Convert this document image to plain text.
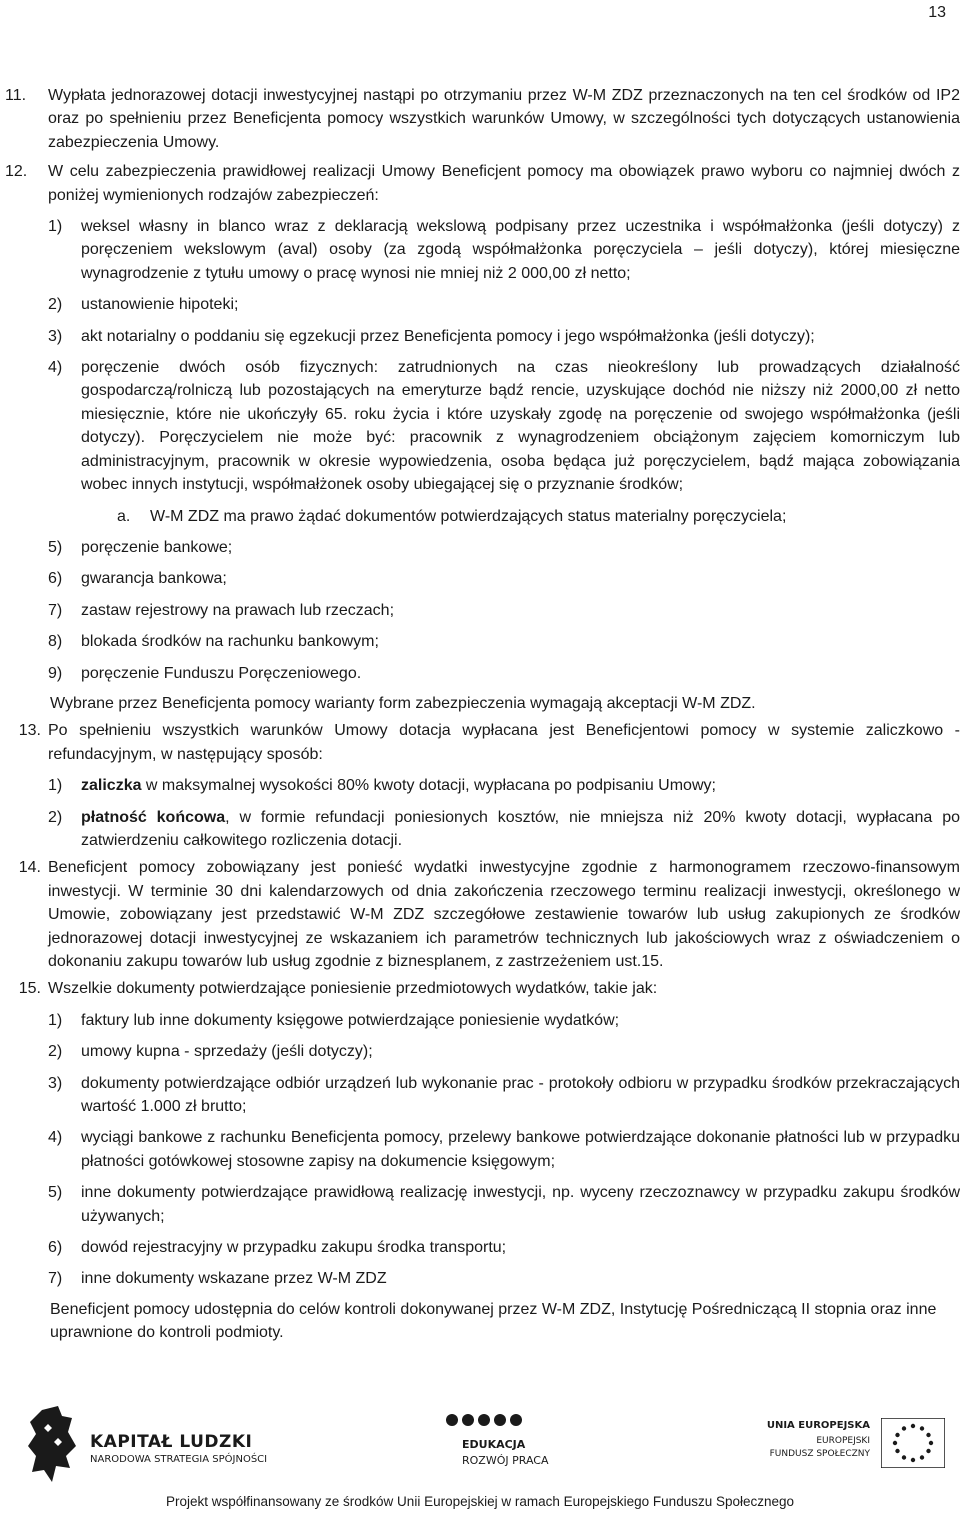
13
11.	Wypłata jednorazowej dotacji inwestycyjnej nastąpi po otrzymaniu przez W-M ZDZ przeznaczonych na ten cel środków od IP2 oraz po spełnieniu przez Beneficjenta pomocy wszystkich warunków Umowy, w szczególności tych dotyczących ustanowienia zabezpieczenia Umowy.
12.	W celu zabezpieczenia prawidłowej realizacji Umowy Beneficjent pomocy ma obowiązek prawo wyboru co najmniej dwóch z poniżej wymienionych rodzajów zabezpieczeń:
1) weksel własny in blanco wraz z deklaracją wekslową podpisany przez uczestnika i współmałżonka (jeśli dotyczy) z poręczeniem wekslowym (aval) osoby (za zgodą współmałżonka poręczyciela – jeśli dotyczy), której miesięczne wynagrodzenie z tytułu umowy o pracę wynosi nie mniej niż 2 000,00 zł netto;
2) ustanowienie hipoteki;
3) akt notarialny o poddaniu się egzekucji przez Beneficjenta pomocy i jego współmałżonka (jeśli dotyczy);
4) poręczenie dwóch osób fizycznych: zatrudnionych na czas nieokreślony lub prowadzących działalność gospodarczą/rolniczą lub pozostających na emeryturze bądź rencie, uzyskujące dochód nie niższy niż 2000,00 zł netto miesięcznie, które nie ukończyły 65. roku życia i które uzyskały zgodę na poręczenie od swojego współmałżonka (jeśli dotyczy). Poręczycielem nie może być: pracownik z wynagrodzeniem obciążonym zajęciem komorniczym lub administracyjnym, pracownik w okresie wypowiedzenia, osoba będąca już poręczycielem, bądź mająca zobowiązania wobec innych instytucji, współmałżonek osoby ubiegającej się o przyznanie środków;
a. W-M ZDZ ma prawo żądać dokumentów potwierdzających status materialny poręczyciela;
5) poręczenie bankowe;
6) gwarancja bankowa;
7) zastaw rejestrowy na prawach lub rzeczach;
8) blokada środków na rachunku bankowym;
9) poręczenie Funduszu Poręczeniowego.
Wybrane przez Beneficjenta pomocy warianty form zabezpieczenia wymagają akceptacji W-M ZDZ.
13. Po spełnieniu wszystkich warunków Umowy dotacja wypłacana jest Beneficjentowi pomocy w systemie zaliczkowo - refundacyjnym, w następujący sposób:
1) zaliczka w maksymalnej wysokości 80% kwoty dotacji, wypłacana po podpisaniu Umowy;
2) płatność końcowa, w formie refundacji poniesionych kosztów, nie mniejsza niż 20% kwoty dotacji, wypłacana po zatwierdzeniu całkowitego rozliczenia dotacji.
14. Beneficjent pomocy zobowiązany jest ponieść wydatki inwestycyjne zgodnie z harmonogramem rzeczowo-finansowym inwestycji. W terminie 30 dni kalendarzowych od dnia zakończenia rzeczowego terminu realizacji inwestycji, określonego w Umowie, zobowiązany jest przedstawić W-M ZDZ szczegółowe zestawienie towarów lub usług zakupionych ze środków jednorazowej dotacji inwestycyjnej ze wskazaniem ich parametrów technicznych lub jakościowych wraz z oświadczeniem o dokonaniu zakupu towarów lub usług zgodnie z biznesplanem, z zastrzeżeniem ust.15.
15. Wszelkie dokumenty potwierdzające poniesienie przedmiotowych wydatków, takie jak:
1) faktury lub inne dokumenty księgowe potwierdzające poniesienie wydatków;
2) umowy kupna - sprzedaży (jeśli dotyczy);
3) dokumenty potwierdzające odbiór urządzeń lub wykonanie prac - protokoły odbioru w przypadku środków przekraczających wartość 1.000 zł brutto;
4) wyciągi bankowe z rachunku Beneficjenta pomocy, przelewy bankowe potwierdzające dokonanie płatności lub w przypadku płatności gotówkowej stosowne zapisy na dokumencie księgowym;
5) inne dokumenty potwierdzające prawidłową realizację inwestycji, np. wyceny rzeczoznawcy w przypadku zakupu środków używanych;
6) dowód rejestracyjny w przypadku zakupu środka transportu;
7) inne dokumenty wskazane przez W-M ZDZ
Beneficjent pomocy udostępnia do celów kontroli dokonywanej przez W-M ZDZ, Instytucję Pośredniczącą II stopnia oraz inne uprawnione do kontroli podmioty.
KAPITAŁ LUDZKI
NARODOWA STRATEGIA SPÓJNOŚCI
EDUKACJA
ROZWÓJ PRACA
UNIA EUROPEJSKA
EUROPEJSKI
FUNDUSZ SPOŁECZNY
Projekt współfinansowany ze środków Unii Europejskiej w ramach Europejskiego Funduszu Społecznego
